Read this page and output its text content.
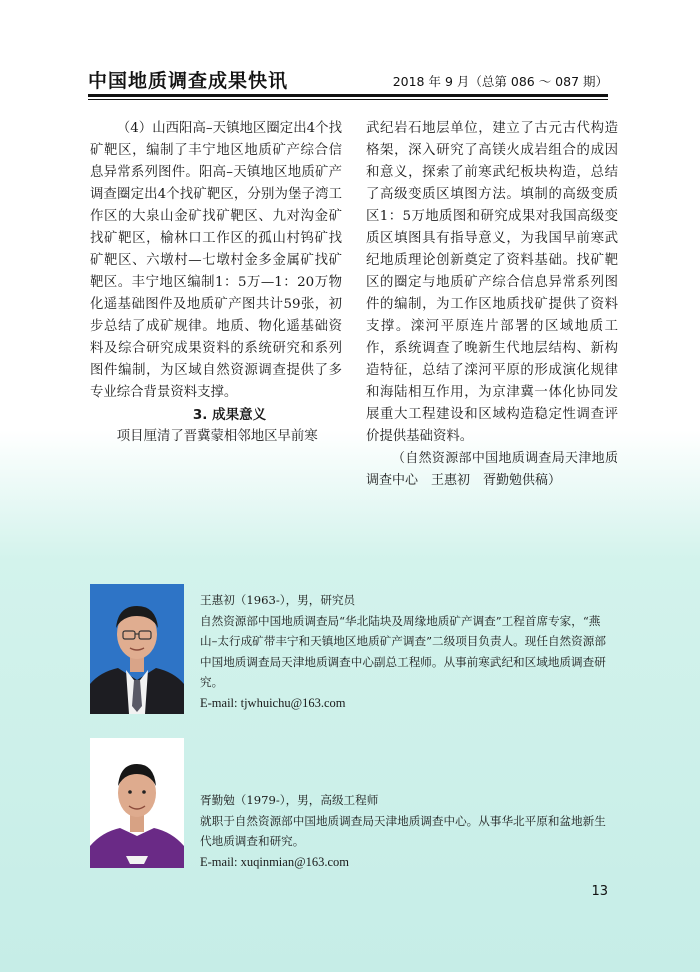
中国地质调查成果快讯	2018 年 9 月（总第 086 ～ 087 期）

（4）山西阳高–天镇地区圈定出4个找矿靶区，编制了丰宁地区地质矿产综合信息异常系列图件。阳高–天镇地区地质矿产调查圈定出4个找矿靶区，分别为堡子湾工作区的大泉山金矿找矿靶区、九对沟金矿找矿靶区，榆林口工作区的孤山村钨矿找矿靶区、六墩村—七墩村金多金属矿找矿靶区。丰宁地区编制1：5万—1：20万物化遥基础图件及地质矿产图共计59张，初步总结了成矿规律。地质、物化遥基础资料及综合研究成果资料的系统研究和系列图件编制，为区域自然资源调查提供了多专业综合背景资料支撑。

3. 成果意义

项目厘清了晋冀蒙相邻地区早前寒

武纪岩石地层单位，建立了古元古代构造格架，深入研究了高镁火成岩组合的成因和意义，探索了前寒武纪板块构造，总结了高级变质区填图方法。填制的高级变质区1：5万地质图和研究成果对我国高级变质区填图具有指导意义，为我国早前寒武纪地质理论创新奠定了资料基础。找矿靶区的圈定与地质矿产综合信息异常系列图件的编制，为工作区地质找矿提供了资料支撑。滦河平原连片部署的区域地质工作，系统调查了晚新生代地层结构、新构造特征，总结了滦河平原的形成演化规律和海陆相互作用，为京津冀一体化协同发展重大工程建设和区域构造稳定性调查评价提供基础资料。

（自然资源部中国地质调查局天津地质调查中心　王惠初　胥勤勉供稿）

王惠初（1963-），男，研究员

自然资源部中国地质调查局“华北陆块及周缘地质矿产调查”工程首席专家，“燕山–太行成矿带丰宁和天镇地区地质矿产调查”二级项目负责人。现任自然资源部中国地质调查局天津地质调查中心副总工程师。从事前寒武纪和区域地质调查研究。

E-mail: tjwhuichu@163.com

胥勤勉（1979-），男，高级工程师

就职于自然资源部中国地质调查局天津地质调查中心。从事华北平原和盆地新生代地质调查和研究。

E-mail: xuqinmian@163.com

13
